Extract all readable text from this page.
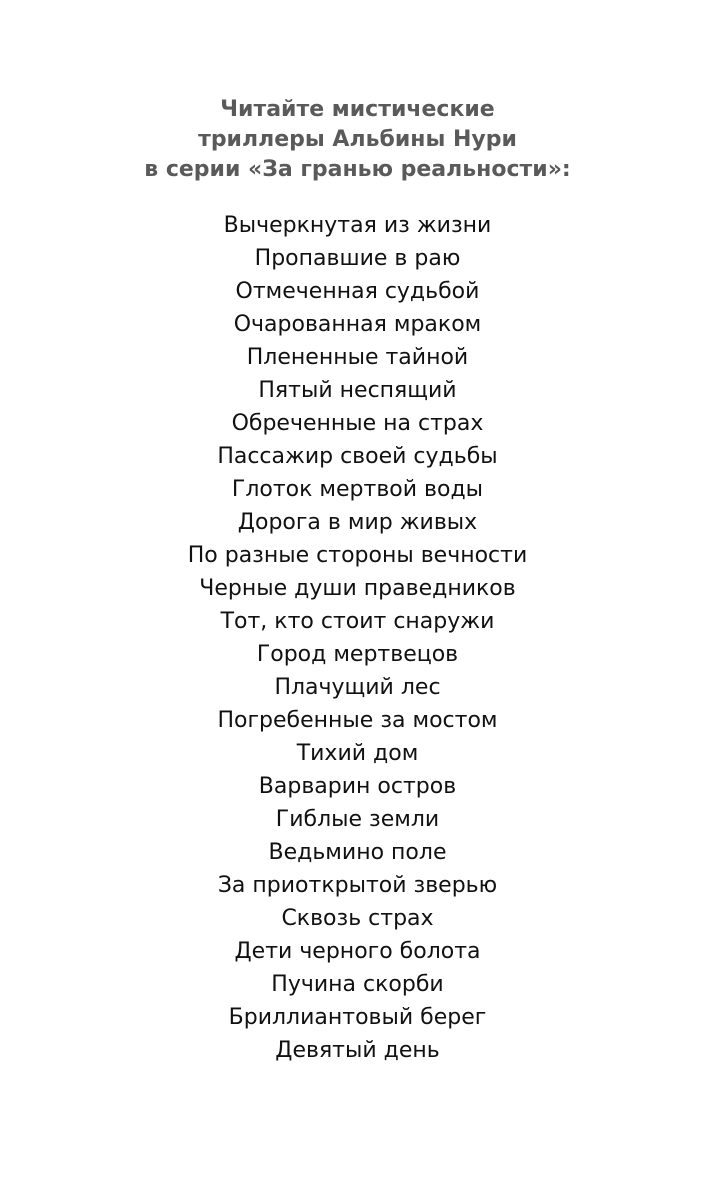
Читайте мистические
триллеры Альбины Нури
в серии «За гранью реальности»:
Вычеркнутая из жизни
Пропавшие в раю
Отмеченная судьбой
Очарованная мраком
Плененные тайной
Пятый неспящий
Обреченные на страх
Пассажир своей судьбы
Глоток мертвой воды
Дорога в мир живых
По разные стороны вечности
Черные души праведников
Тот, кто стоит снаружи
Город мертвецов
Плачущий лес
Погребенные за мостом
Тихий дом
Варварин остров
Гиблые земли
Ведьмино поле
За приоткрытой зверью
Сквозь страх
Дети черного болота
Пучина скорби
Бриллиантовый берег
Девятый день
